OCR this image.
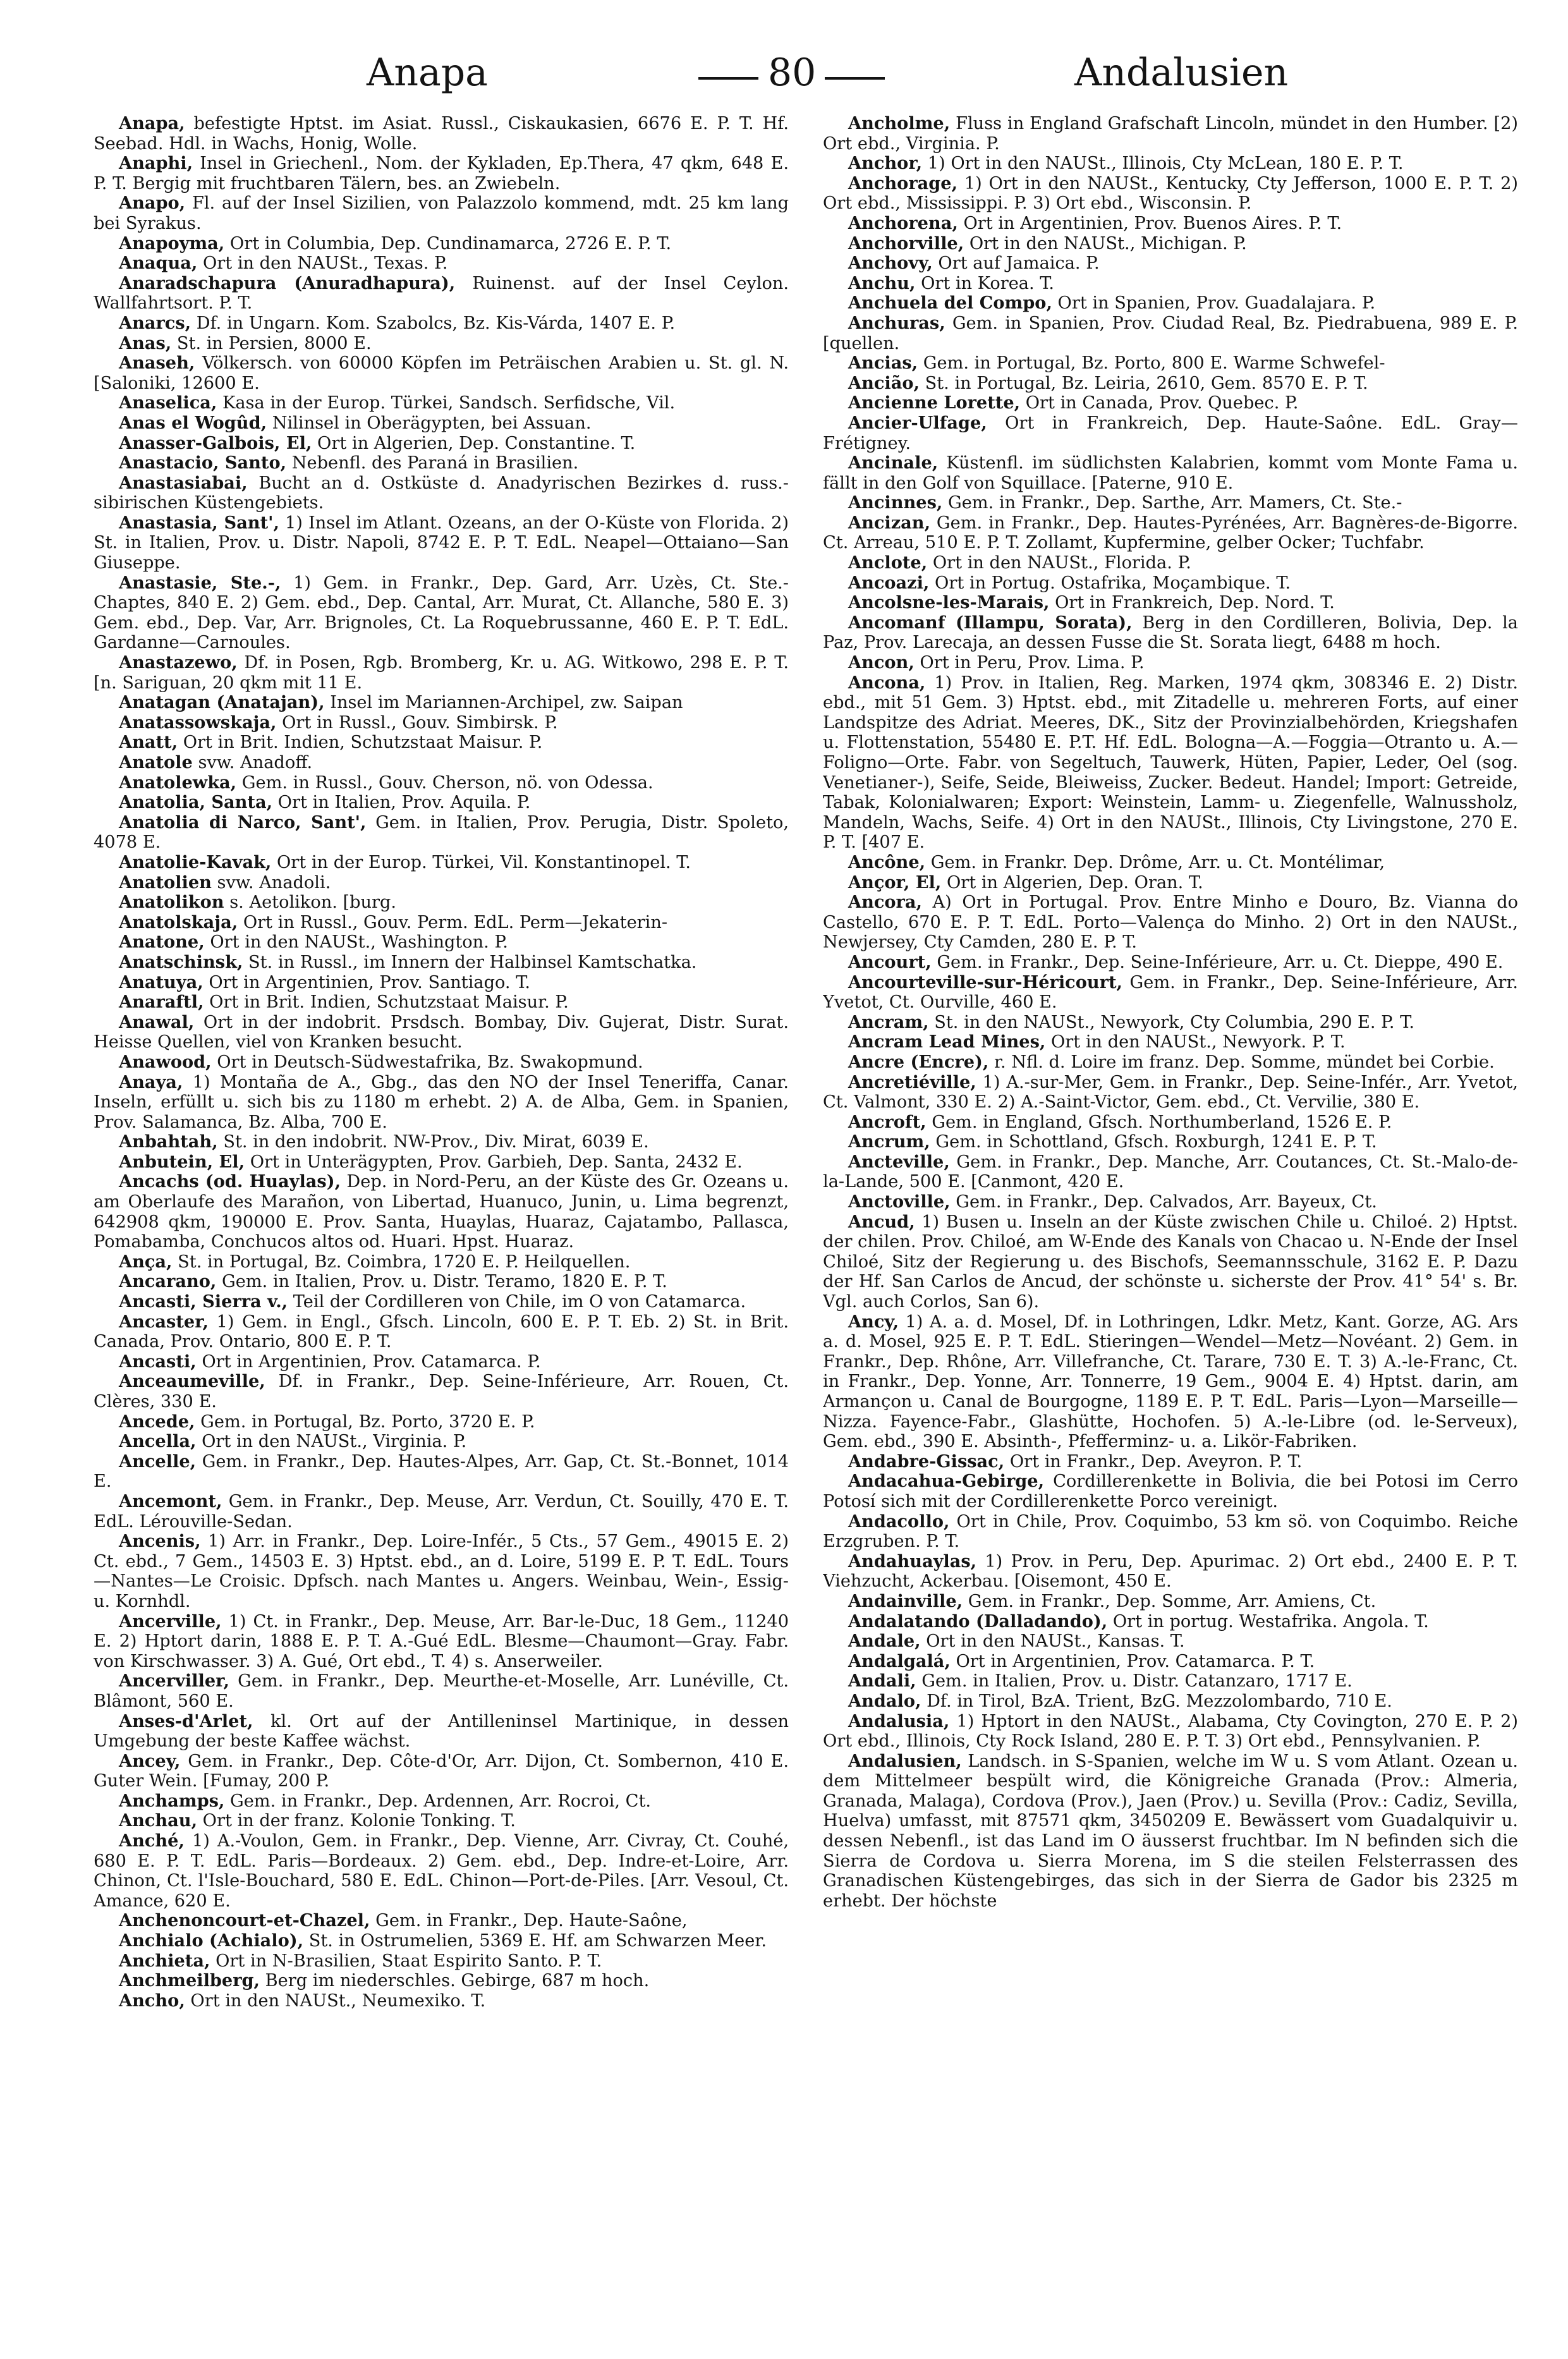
Anapa	80	Andalusien

Anapa, befestigte Hptst. im Asiat. Russl., Ciskaukasien, 6676 E. P. T. Hf. Seebad. Hdl. in Wachs, Honig, Wolle.

Anaphi, Insel in Griechenl., Nom. der Kykladen, Ep.Thera, 47 qkm, 648 E. P. T. Bergig mit fruchtbaren Tälern, bes. an Zwiebeln.

Anapo, Fl. auf der Insel Sizilien, von Palazzolo kommend, mdt. 25 km lang bei Syrakus.

Anapoyma, Ort in Columbia, Dep. Cundinamarca, 2726 E. P. T.

Anaqua, Ort in den NAUSt., Texas. P.

Anaradschapura (Anuradhapura), Ruinenst. auf der Insel Ceylon. Wallfahrtsort. P. T.

Anarcs, Df. in Ungarn. Kom. Szabolcs, Bz. Kis-Várda, 1407 E. P.

Anas, St. in Persien, 8000 E.

Anaseh, Völkersch. von 60000 Köpfen im Peträischen Arabien u. St. gl. N. [Saloniki, 12600 E.

Anaselica, Kasa in der Europ. Türkei, Sandsch. Serfidsche, Vil.

Anas el Wogûd, Nilinsel in Oberägypten, bei Assuan.

Anasser-Galbois, El, Ort in Algerien, Dep. Constantine. T.

Anastacio, Santo, Nebenfl. des Paraná in Brasilien.

Anastasiabai, Bucht an d. Ostküste d. Anadyrischen Bezirkes d. russ.-sibirischen Küstengebiets.

Anastasia, Sant', 1) Insel im Atlant. Ozeans, an der O-Küste von Florida. 2) St. in Italien, Prov. u. Distr. Napoli, 8742 E. P. T. EdL. Neapel—Ottaiano—San Giuseppe.

Anastasie, Ste.-, 1) Gem. in Frankr., Dep. Gard, Arr. Uzès, Ct. Ste.-Chaptes, 840 E. 2) Gem. ebd., Dep. Cantal, Arr. Murat, Ct. Allanche, 580 E. 3) Gem. ebd., Dep. Var, Arr. Brignoles, Ct. La Roquebrussanne, 460 E. P. T. EdL. Gardanne—Carnoules.

Anastazewo, Df. in Posen, Rgb. Bromberg, Kr. u. AG. Witkowo, 298 E. P. T. [n. Sariguan, 20 qkm mit 11 E.

Anatagan (Anatajan), Insel im Mariannen-Archipel, zw. Saipan

Anatassowskaja, Ort in Russl., Gouv. Simbirsk. P.

Anatt, Ort in Brit. Indien, Schutzstaat Maisur. P.

Anatole svw. Anadoff.

Anatolewka, Gem. in Russl., Gouv. Cherson, nö. von Odessa.

Anatolia, Santa, Ort in Italien, Prov. Aquila. P.

Anatolia di Narco, Sant', Gem. in Italien, Prov. Perugia, Distr. Spoleto, 4078 E.

Anatolie-Kavak, Ort in der Europ. Türkei, Vil. Konstantinopel. T.

Anatolien svw. Anadoli.

Anatolikon s. Aetolikon. [burg.

Anatolskaja, Ort in Russl., Gouv. Perm. EdL. Perm—Jekaterin-

Anatone, Ort in den NAUSt., Washington. P.

Anatschinsk, St. in Russl., im Innern der Halbinsel Kamtschatka.

Anatuya, Ort in Argentinien, Prov. Santiago. T.

Anaraftl, Ort in Brit. Indien, Schutzstaat Maisur. P.

Anawal, Ort in der indobrit. Prsdsch. Bombay, Div. Gujerat, Distr. Surat. Heisse Quellen, viel von Kranken besucht.

Anawood, Ort in Deutsch-Südwestafrika, Bz. Swakopmund.

Anaya, 1) Montaña de A., Gbg., das den NO der Insel Teneriffa, Canar. Inseln, erfüllt u. sich bis zu 1180 m erhebt. 2) A. de Alba, Gem. in Spanien, Prov. Salamanca, Bz. Alba, 700 E.

Anbahtah, St. in den indobrit. NW-Prov., Div. Mirat, 6039 E.

Anbutein, El, Ort in Unterägypten, Prov. Garbieh, Dep. Santa, 2432 E.

Ancachs (od. Huaylas), Dep. in Nord-Peru, an der Küste des Gr. Ozeans u. am Oberlaufe des Marañon, von Libertad, Huanuco, Junin, u. Lima begrenzt, 642908 qkm, 190000 E. Prov. Santa, Huaylas, Huaraz, Cajatambo, Pallasca, Pomabamba, Conchucos altos od. Huari. Hpst. Huaraz.

Ança, St. in Portugal, Bz. Coimbra, 1720 E. P. Heilquellen.

Ancarano, Gem. in Italien, Prov. u. Distr. Teramo, 1820 E. P. T.

Ancasti, Sierra v., Teil der Cordilleren von Chile, im O von Catamarca.

Ancaster, 1) Gem. in Engl., Gfsch. Lincoln, 600 E. P. T. Eb. 2) St. in Brit. Canada, Prov. Ontario, 800 E. P. T.

Ancasti, Ort in Argentinien, Prov. Catamarca. P.

Anceaumeville, Df. in Frankr., Dep. Seine-Inférieure, Arr. Rouen, Ct. Clères, 330 E.

Ancede, Gem. in Portugal, Bz. Porto, 3720 E. P.

Ancella, Ort in den NAUSt., Virginia. P.

Ancelle, Gem. in Frankr., Dep. Hautes-Alpes, Arr. Gap, Ct. St.-Bonnet, 1014 E.

Ancemont, Gem. in Frankr., Dep. Meuse, Arr. Verdun, Ct. Souilly, 470 E. T. EdL. Lérouville-Sedan.

Ancenis, 1) Arr. in Frankr., Dep. Loire-Infér., 5 Cts., 57 Gem., 49015 E. 2) Ct. ebd., 7 Gem., 14503 E. 3) Hptst. ebd., an d. Loire, 5199 E. P. T. EdL. Tours—Nantes—Le Croisic. Dpfsch. nach Mantes u. Angers. Weinbau, Wein-, Essig- u. Kornhdl.

Ancerville, 1) Ct. in Frankr., Dep. Meuse, Arr. Bar-le-Duc, 18 Gem., 11240 E. 2) Hptort darin, 1888 E. P. T. A.-Gué EdL. Blesme—Chaumont—Gray. Fabr. von Kirschwasser. 3) A. Gué, Ort ebd., T. 4) s. Anserweiler.

Ancerviller, Gem. in Frankr., Dep. Meurthe-et-Moselle, Arr. Lunéville, Ct. Blâmont, 560 E.

Anses-d'Arlet, kl. Ort auf der Antilleninsel Martinique, in dessen Umgebung der beste Kaffee wächst.

Ancey, Gem. in Frankr., Dep. Côte-d'Or, Arr. Dijon, Ct. Sombernon, 410 E. Guter Wein. [Fumay, 200 P.

Anchamps, Gem. in Frankr., Dep. Ardennen, Arr. Rocroi, Ct.

Anchau, Ort in der franz. Kolonie Tonking. T.

Anché, 1) A.-Voulon, Gem. in Frankr., Dep. Vienne, Arr. Civray, Ct. Couhé, 680 E. P. T. EdL. Paris—Bordeaux. 2) Gem. ebd., Dep. Indre-et-Loire, Arr. Chinon, Ct. l'Isle-Bouchard, 580 E. EdL. Chinon—Port-de-Piles. [Arr. Vesoul, Ct. Amance, 620 E.

Anchenoncourt-et-Chazel, Gem. in Frankr., Dep. Haute-Saône,

Anchialo (Achialo), St. in Ostrumelien, 5369 E. Hf. am Schwarzen Meer.

Anchieta, Ort in N-Brasilien, Staat Espirito Santo. P. T.

Anchmeilberg, Berg im niederschles. Gebirge, 687 m hoch.

Ancho, Ort in den NAUSt., Neumexiko. T.

Ancholme, Fluss in England Grafschaft Lincoln, mündet in den Humber. [2) Ort ebd., Virginia. P.

Anchor, 1) Ort in den NAUSt., Illinois, Cty McLean, 180 E. P. T.

Anchorage, 1) Ort in den NAUSt., Kentucky, Cty Jefferson, 1000 E. P. T. 2) Ort ebd., Mississippi. P. 3) Ort ebd., Wisconsin. P.

Anchorena, Ort in Argentinien, Prov. Buenos Aires. P. T.

Anchorville, Ort in den NAUSt., Michigan. P.

Anchovy, Ort auf Jamaica. P.

Anchu, Ort in Korea. T.

Anchuela del Compo, Ort in Spanien, Prov. Guadalajara. P.

Anchuras, Gem. in Spanien, Prov. Ciudad Real, Bz. Piedrabuena, 989 E. P. [quellen.

Ancias, Gem. in Portugal, Bz. Porto, 800 E. Warme Schwefel-

Ancião, St. in Portugal, Bz. Leiria, 2610, Gem. 8570 E. P. T.

Ancienne Lorette, Ort in Canada, Prov. Quebec. P.

Ancier-Ulfage, Ort in Frankreich, Dep. Haute-Saône. EdL. Gray—Frétigney.

Ancinale, Küstenfl. im südlichsten Kalabrien, kommt vom Monte Fama u. fällt in den Golf von Squillace. [Paterne, 910 E.

Ancinnes, Gem. in Frankr., Dep. Sarthe, Arr. Mamers, Ct. Ste.-

Ancizan, Gem. in Frankr., Dep. Hautes-Pyrénées, Arr. Bagnères-de-Bigorre. Ct. Arreau, 510 E. P. T. Zollamt, Kupfermine, gelber Ocker; Tuchfabr.

Anclote, Ort in den NAUSt., Florida. P.

Ancoazi, Ort in Portug. Ostafrika, Moçambique. T.

Ancolsne-les-Marais, Ort in Frankreich, Dep. Nord. T.

Ancomanf (Illampu, Sorata), Berg in den Cordilleren, Bolivia, Dep. la Paz, Prov. Larecaja, an dessen Fusse die St. Sorata liegt, 6488 m hoch.

Ancon, Ort in Peru, Prov. Lima. P.

Ancona, 1) Prov. in Italien, Reg. Marken, 1974 qkm, 308346 E. 2) Distr. ebd., mit 51 Gem. 3) Hptst. ebd., mit Zitadelle u. mehreren Forts, auf einer Landspitze des Adriat. Meeres, DK., Sitz der Provinzialbehörden, Kriegshafen u. Flottenstation, 55480 E. P.T. Hf. EdL. Bologna—A.—Foggia—Otranto u. A.—Foligno—Orte. Fabr. von Segeltuch, Tauwerk, Hüten, Papier, Leder, Oel (sog. Venetianer-), Seife, Seide, Bleiweiss, Zucker. Bedeut. Handel; Import: Getreide, Tabak, Kolonialwaren; Export: Weinstein, Lamm- u. Ziegenfelle, Walnussholz, Mandeln, Wachs, Seife. 4) Ort in den NAUSt., Illinois, Cty Livingstone, 270 E. P. T. [407 E.

Ancône, Gem. in Frankr. Dep. Drôme, Arr. u. Ct. Montélimar,

Ançor, El, Ort in Algerien, Dep. Oran. T.

Ancora, A) Ort in Portugal. Prov. Entre Minho e Douro, Bz. Vianna do Castello, 670 E. P. T. EdL. Porto—Valença do Minho. 2) Ort in den NAUSt., Newjersey, Cty Camden, 280 E. P. T.

Ancourt, Gem. in Frankr., Dep. Seine-Inférieure, Arr. u. Ct. Dieppe, 490 E.

Ancourteville-sur-Héricourt, Gem. in Frankr., Dep. Seine-Inférieure, Arr. Yvetot, Ct. Ourville, 460 E.

Ancram, St. in den NAUSt., Newyork, Cty Columbia, 290 E. P. T.

Ancram Lead Mines, Ort in den NAUSt., Newyork. P. T.

Ancre (Encre), r. Nfl. d. Loire im franz. Dep. Somme, mündet bei Corbie.

Ancretiéville, 1) A.-sur-Mer, Gem. in Frankr., Dep. Seine-Infér., Arr. Yvetot, Ct. Valmont, 330 E. 2) A.-Saint-Victor, Gem. ebd., Ct. Vervilie, 380 E.

Ancroft, Gem. in England, Gfsch. Northumberland, 1526 E. P.

Ancrum, Gem. in Schottland, Gfsch. Roxburgh, 1241 E. P. T.

Ancteville, Gem. in Frankr., Dep. Manche, Arr. Coutances, Ct. St.-Malo-de-la-Lande, 500 E. [Canmont, 420 E.

Anctoville, Gem. in Frankr., Dep. Calvados, Arr. Bayeux, Ct.

Ancud, 1) Busen u. Inseln an der Küste zwischen Chile u. Chiloé. 2) Hptst. der chilen. Prov. Chiloé, am W-Ende des Kanals von Chacao u. N-Ende der Insel Chiloé, Sitz der Regierung u. des Bischofs, Seemannsschule, 3162 E. P. Dazu der Hf. San Carlos de Ancud, der schönste u. sicherste der Prov. 41° 54' s. Br. Vgl. auch Corlos, San 6).

Ancy, 1) A. a. d. Mosel, Df. in Lothringen, Ldkr. Metz, Kant. Gorze, AG. Ars a. d. Mosel, 925 E. P. T. EdL. Stieringen—Wendel—Metz—Novéant. 2) Gem. in Frankr., Dep. Rhône, Arr. Villefranche, Ct. Tarare, 730 E. T. 3) A.-le-Franc, Ct. in Frankr., Dep. Yonne, Arr. Tonnerre, 19 Gem., 9004 E. 4) Hptst. darin, am Armançon u. Canal de Bourgogne, 1189 E. P. T. EdL. Paris—Lyon—Marseille—Nizza. Fayence-Fabr., Glashütte, Hochofen. 5) A.-le-Libre (od. le-Serveux), Gem. ebd., 390 E. Absinth-, Pfefferminz- u. a. Likör-Fabriken.

Andabre-Gissac, Ort in Frankr., Dep. Aveyron. P. T.

Andacahua-Gebirge, Cordillerenkette in Bolivia, die bei Potosi im Cerro Potosí sich mit der Cordillerenkette Porco vereinigt.

Andacollo, Ort in Chile, Prov. Coquimbo, 53 km sö. von Coquimbo. Reiche Erzgruben. P. T.

Andahuaylas, 1) Prov. in Peru, Dep. Apurimac. 2) Ort ebd., 2400 E. P. T. Viehzucht, Ackerbau. [Oisemont, 450 E.

Andainville, Gem. in Frankr., Dep. Somme, Arr. Amiens, Ct.

Andalatando (Dalladando), Ort in portug. Westafrika. Angola. T.

Andale, Ort in den NAUSt., Kansas. T.

Andalgalá, Ort in Argentinien, Prov. Catamarca. P. T.

Andali, Gem. in Italien, Prov. u. Distr. Catanzaro, 1717 E.

Andalo, Df. in Tirol, BzA. Trient, BzG. Mezzolombardo, 710 E.

Andalusia, 1) Hptort in den NAUSt., Alabama, Cty Covington, 270 E. P. 2) Ort ebd., Illinois, Cty Rock Island, 280 E. P. T. 3) Ort ebd., Pennsylvanien. P.

Andalusien, Landsch. in S-Spanien, welche im W u. S vom Atlant. Ozean u. dem Mittelmeer bespült wird, die Königreiche Granada (Prov.: Almeria, Granada, Malaga), Cordova (Prov.), Jaen (Prov.) u. Sevilla (Prov.: Cadiz, Sevilla, Huelva) umfasst, mit 87571 qkm, 3450209 E. Bewässert vom Guadalquivir u. dessen Nebenfl., ist das Land im O äusserst fruchtbar. Im N befinden sich die Sierra de Cordova u. Sierra Morena, im S die steilen Felsterrassen des Granadischen Küstengebirges, das sich in der Sierra de Gador bis 2325 m erhebt. Der höchste
